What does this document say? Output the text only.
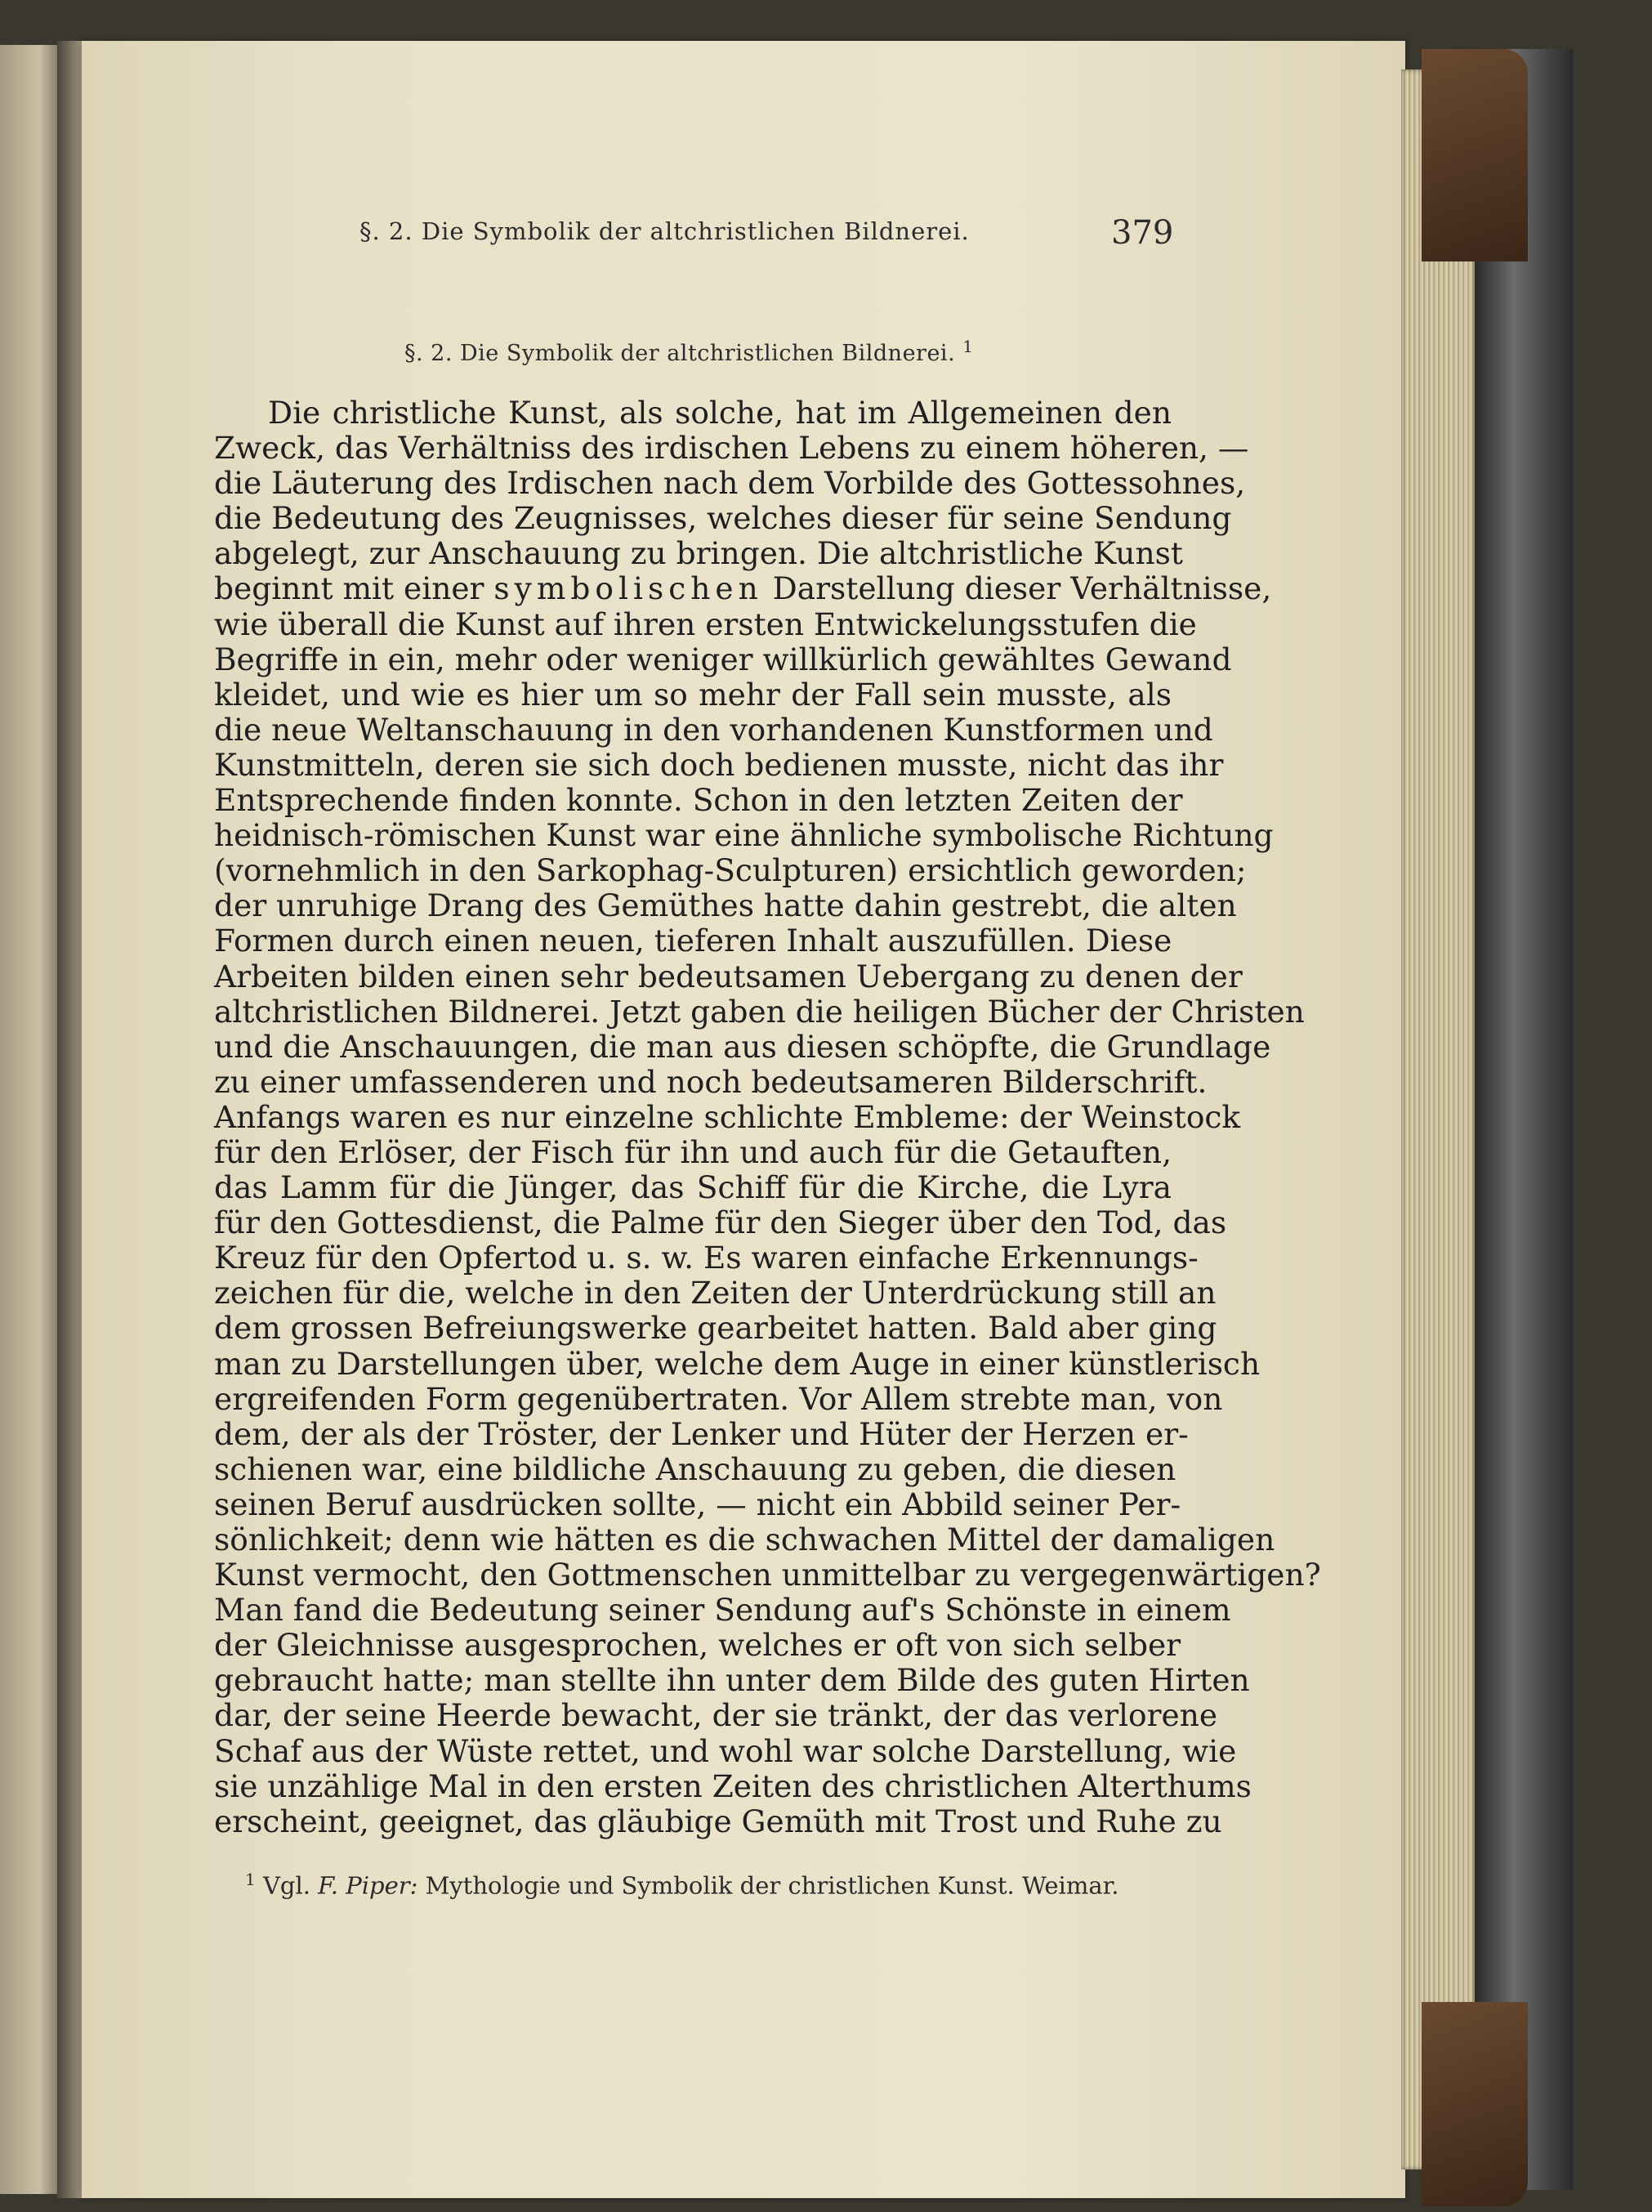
§. 2. Die Symbolik der altchristlichen Bildnerei.	379
§. 2. Die Symbolik der altchristlichen Bildnerei. $^1$
Die christliche Kunst, als solche, hat im Allgemeinen den
Zweck, das Verhältniss des irdischen Lebens zu einem höheren, —
die Läuterung des Irdischen nach dem Vorbilde des Gottessohnes,
die Bedeutung des Zeugnisses, welches dieser für seine Sendung
abgelegt, zur Anschauung zu bringen. Die altchristliche Kunst
beginnt mit einer symbolischen Darstellung dieser Verhältnisse,
wie überall die Kunst auf ihren ersten Entwickelungsstufen die
Begriffe in ein, mehr oder weniger willkürlich gewähltes Gewand
kleidet, und wie es hier um so mehr der Fall sein musste, als
die neue Weltanschauung in den vorhandenen Kunstformen und
Kunstmitteln, deren sie sich doch bedienen musste, nicht das ihr
Entsprechende finden konnte. Schon in den letzten Zeiten der
heidnisch-römischen Kunst war eine ähnliche symbolische Richtung
(vornehmlich in den Sarkophag-Sculpturen) ersichtlich geworden;
der unruhige Drang des Gemüthes hatte dahin gestrebt, die alten
Formen durch einen neuen, tieferen Inhalt auszufüllen. Diese
Arbeiten bilden einen sehr bedeutsamen Uebergang zu denen der
altchristlichen Bildnerei. Jetzt gaben die heiligen Bücher der Christen
und die Anschauungen, die man aus diesen schöpfte, die Grundlage
zu einer umfassenderen und noch bedeutsameren Bilderschrift.
Anfangs waren es nur einzelne schlichte Embleme: der Weinstock
für den Erlöser, der Fisch für ihn und auch für die Getauften,
das Lamm für die Jünger, das Schiff für die Kirche, die Lyra
für den Gottesdienst, die Palme für den Sieger über den Tod, das
Kreuz für den Opfertod u. s. w. Es waren einfache Erkennungs-
zeichen für die, welche in den Zeiten der Unterdrückung still an
dem grossen Befreiungswerke gearbeitet hatten. Bald aber ging
man zu Darstellungen über, welche dem Auge in einer künstlerisch
ergreifenden Form gegenübertraten. Vor Allem strebte man, von
dem, der als der Tröster, der Lenker und Hüter der Herzen er-
schienen war, eine bildliche Anschauung zu geben, die diesen
seinen Beruf ausdrücken sollte, — nicht ein Abbild seiner Per-
sönlichkeit; denn wie hätten es die schwachen Mittel der damaligen
Kunst vermocht, den Gottmenschen unmittelbar zu vergegenwärtigen?
Man fand die Bedeutung seiner Sendung auf's Schönste in einem
der Gleichnisse ausgesprochen, welches er oft von sich selber
gebraucht hatte; man stellte ihn unter dem Bilde des guten Hirten
dar, der seine Heerde bewacht, der sie tränkt, der das verlorene
Schaf aus der Wüste rettet, und wohl war solche Darstellung, wie
sie unzählige Mal in den ersten Zeiten des christlichen Alterthums
erscheint, geeignet, das gläubige Gemüth mit Trost und Ruhe zu
$^1$ Vgl. F. Piper: Mythologie und Symbolik der christlichen Kunst. Weimar.
